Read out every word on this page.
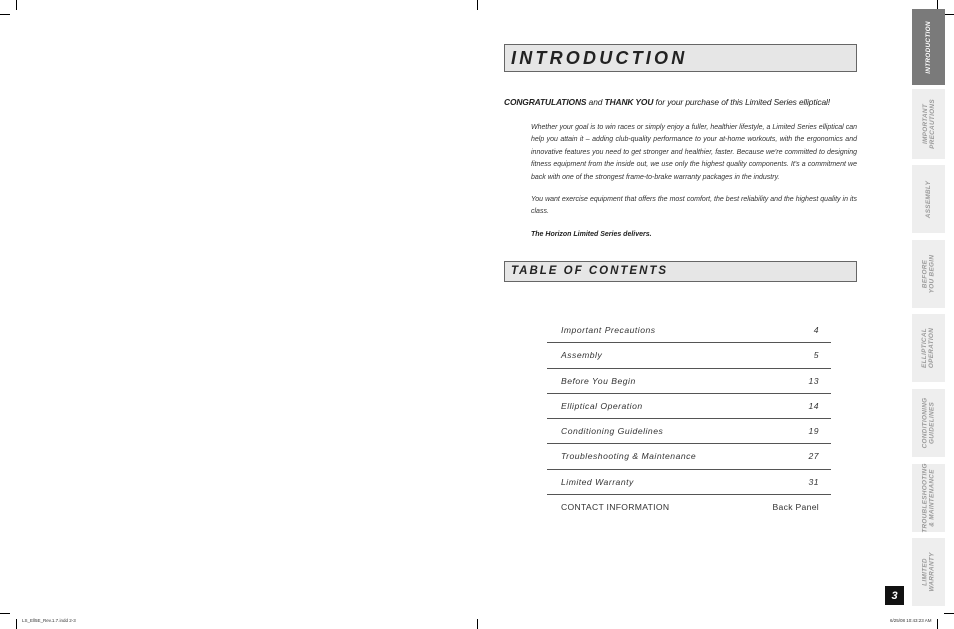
INTRODUCTION
CONGRATULATIONS and THANK YOU for your purchase of this Limited Series elliptical!

Whether your goal is to win races or simply enjoy a fuller, healthier lifestyle, a Limited Series elliptical can help you attain it – adding club-quality performance to your at-home workouts, with the ergonomics and innovative features you need to get stronger and healthier, faster. Because we're committed to designing fitness equipment from the inside out, we use only the highest quality components. It's a commitment we back with one of the strongest frame-to-brake warranty packages in the industry.

You want exercise equipment that offers the most comfort, the best reliability and the highest quality in its class.

The Horizon Limited Series delivers.

TABLE OF CONTENTS
Important Precautions	4
Assembly	5
Before You Begin	13
Elliptical Operation	14
Conditioning Guidelines	19
Troubleshooting & Maintenance	27
Limited Warranty	31
CONTACT INFORMATION	Back Panel
INTRODUCTION
IMPORTANT
PRECAUTIONS
ASSEMBLY
BEFORE
YOU BEGIN
ELLIPTICAL
OPERATION
CONDITIONING
GUIDELINES
TROUBLESHOOTING
& MAINTENANCE
LIMITED
WARRANTY
3
LS_Ell5E_Rev.1.7.indd 2-3	6/25/08 10:43:23 AM
